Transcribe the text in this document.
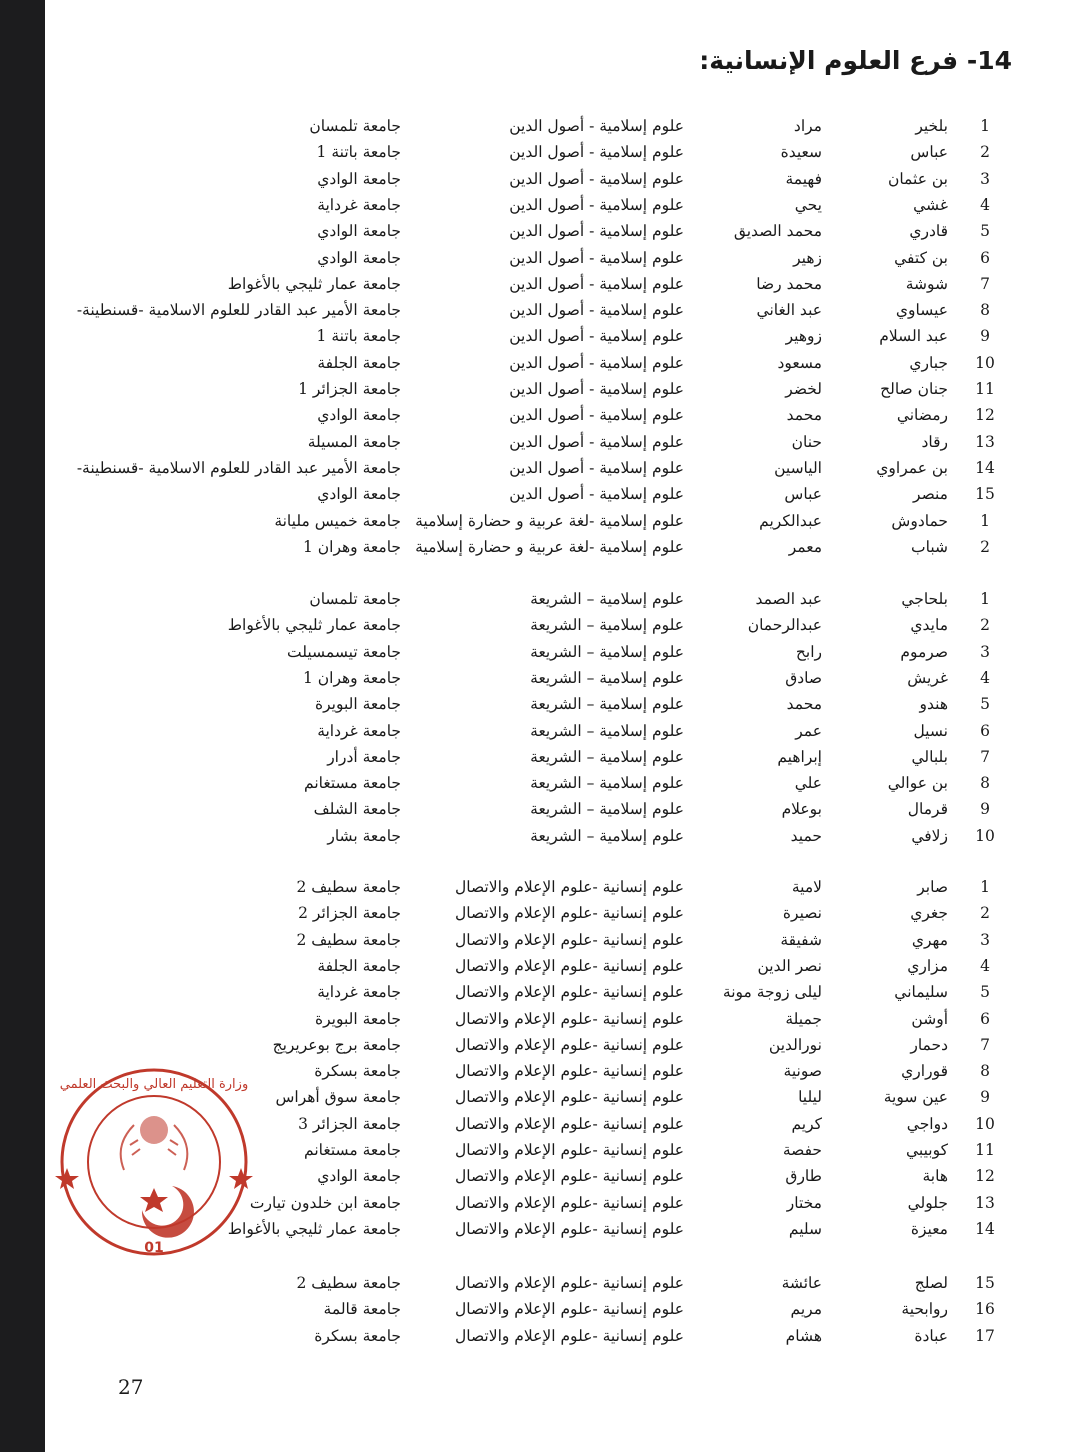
14- فرع العلوم الإنسانية:
1
بلخير
مراد
علوم إسلامية - أصول الدين
جامعة تلمسان
2
عباس
سعيدة
علوم إسلامية - أصول الدين
جامعة باتنة 1
3
بن عثمان
فهيمة
علوم إسلامية - أصول الدين
جامعة الوادي
4
غشي
يحي
علوم إسلامية - أصول الدين
جامعة غرداية
5
قادري
محمد الصديق
علوم إسلامية - أصول الدين
جامعة الوادي
6
بن كتفي
زهير
علوم إسلامية - أصول الدين
جامعة الوادي
7
شوشة
محمد رضا
علوم إسلامية - أصول الدين
جامعة عمار ثليجي بالأغواط
8
عيساوي
عبد الغاني
علوم إسلامية - أصول الدين
جامعة الأمير عبد القادر للعلوم الاسلامية -قسنطينة-
9
عبد السلام
زوهير
علوم إسلامية - أصول الدين
جامعة باتنة 1
10
جباري
مسعود
علوم إسلامية - أصول الدين
جامعة الجلفة
11
جنان صالح
لخضر
علوم إسلامية - أصول الدين
جامعة الجزائر 1
12
رمضاني
محمد
علوم إسلامية - أصول الدين
جامعة الوادي
13
رقاد
حنان
علوم إسلامية - أصول الدين
جامعة المسيلة
14
بن عمراوي
الياسين
علوم إسلامية - أصول الدين
جامعة الأمير عبد القادر للعلوم الاسلامية -قسنطينة-
15
منصر
عباس
علوم إسلامية - أصول الدين
جامعة الوادي
1
حمادوش
عبدالكريم
علوم إسلامية -لغة عربية و حضارة إسلامية
جامعة خميس مليانة
2
شباب
معمر
علوم إسلامية -لغة عربية و حضارة إسلامية
جامعة وهران 1
1
بلحاجي
عبد الصمد
علوم إسلامية – الشريعة
جامعة تلمسان
2
مايدي
عبدالرحمان
علوم إسلامية – الشريعة
جامعة عمار ثليجي بالأغواط
3
صرموم
رابح
علوم إسلامية – الشريعة
جامعة تيسمسيلت
4
غريش
صادق
علوم إسلامية – الشريعة
جامعة وهران 1
5
هندو
محمد
علوم إسلامية – الشريعة
جامعة البويرة
6
نسيل
عمر
علوم إسلامية – الشريعة
جامعة غرداية
7
بلبالي
إبراهيم
علوم إسلامية – الشريعة
جامعة أدرار
8
بن عوالي
علي
علوم إسلامية – الشريعة
جامعة مستغانم
9
قرمال
بوعلام
علوم إسلامية – الشريعة
جامعة الشلف
10
زلافي
حميد
علوم إسلامية – الشريعة
جامعة بشار
1
صابر
لامية
علوم إنسانية -علوم الإعلام والاتصال
جامعة سطيف 2
2
جغري
نصيرة
علوم إنسانية -علوم الإعلام والاتصال
جامعة الجزائر 2
3
مهري
شفيقة
علوم إنسانية -علوم الإعلام والاتصال
جامعة سطيف 2
4
مزاري
نصر الدين
علوم إنسانية -علوم الإعلام والاتصال
جامعة الجلفة
5
سليماني
ليلى زوجة مونة
علوم إنسانية -علوم الإعلام والاتصال
جامعة غرداية
6
أوشن
جميلة
علوم إنسانية -علوم الإعلام والاتصال
جامعة البويرة
7
دحمار
نورالدين
علوم إنسانية -علوم الإعلام والاتصال
جامعة برج بوعريريج
8
قوراري
صونية
علوم إنسانية -علوم الإعلام والاتصال
جامعة بسكرة
9
عين سوية
ليليا
علوم إنسانية -علوم الإعلام والاتصال
جامعة سوق أهراس
10
دواجي
كريم
علوم إنسانية -علوم الإعلام والاتصال
جامعة الجزائر 3
11
كوبيبي
حفصة
علوم إنسانية -علوم الإعلام والاتصال
جامعة مستغانم
12
هابة
طارق
علوم إنسانية -علوم الإعلام والاتصال
جامعة الوادي
13
جلولي
مختار
علوم إنسانية -علوم الإعلام والاتصال
جامعة ابن خلدون تيارت
14
معيزة
سليم
علوم إنسانية -علوم الإعلام والاتصال
جامعة عمار ثليجي بالأغواط
15
لصلج
عائشة
علوم إنسانية -علوم الإعلام والاتصال
جامعة سطيف 2
16
روابحية
مريم
علوم إنسانية -علوم الإعلام والاتصال
جامعة قالمة
17
عبادة
هشام
علوم إنسانية -علوم الإعلام والاتصال
جامعة بسكرة
وزارة التعليم العالي والبحث العلمي
01
27
